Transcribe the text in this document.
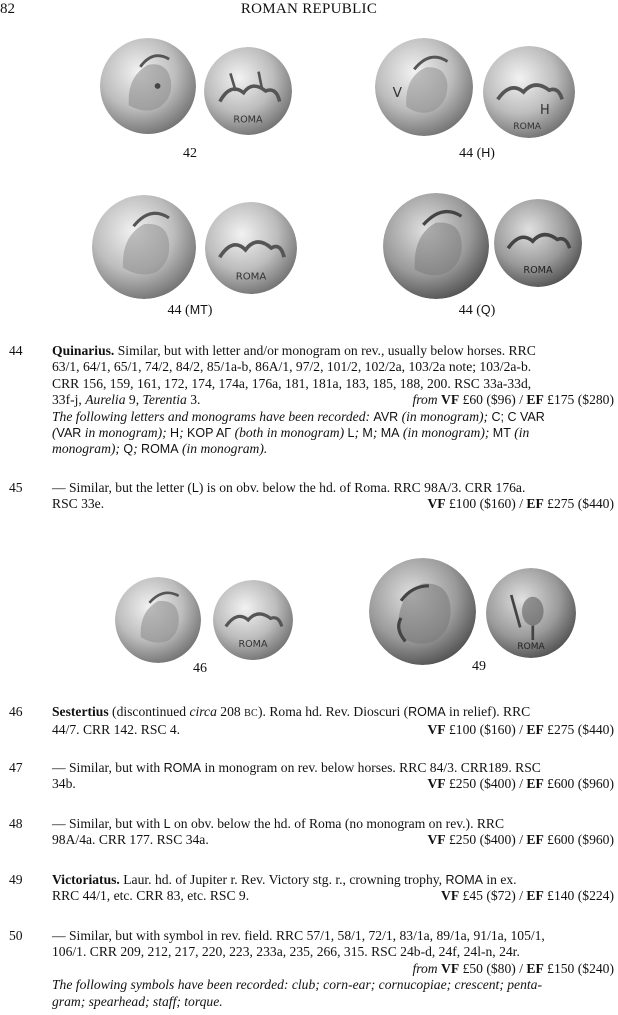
82	ROMAN REPUBLIC
ROMA
42
V
H
ROMA
44 (H)
ROMA
44 (MT)
ROMA
44 (Q)
44 Quinarius. Similar, but with letter and/or monogram on rev., usually below horses. RRC
63/1, 64/1, 65/1, 74/2, 84/2, 85/1a-b, 86A/1, 97/2, 101/2, 102/2a, 103/2a note; 103/2a-b.
CRR 156, 159, 161, 172, 174, 174a, 176a, 181, 181a, 183, 185, 188, 200. RSC 33a-33d,
33f-j, Aurelia 9, Terentia 3.	from VF £60 ($96) / EF £175 ($280)
The following letters and monograms have been recorded: AVR (in monogram); C; C VAR
(VAR in monogram); H; KOP AΓ (both in monogram) L; M; MA (in monogram); MT (in
monogram); Q; ROMA (in monogram).
45 — Similar, but the letter (L) is on obv. below the hd. of Roma. RRC 98A/3. CRR 176a.
RSC 33e.	VF £100 ($160) / EF £275 ($440)
ROMA
46
ROMA
49
46 Sestertius (discontinued circa 208 BC). Roma hd. Rev. Dioscuri (ROMA in relief). RRC
44/7. CRR 142. RSC 4.	VF £100 ($160) / EF £275 ($440)
47 — Similar, but with ROMA in monogram on rev. below horses. RRC 84/3. CRR189. RSC
34b.	VF £250 ($400) / EF £600 ($960)
48 — Similar, but with L on obv. below the hd. of Roma (no monogram on rev.). RRC
98A/4a. CRR 177. RSC 34a.	VF £250 ($400) / EF £600 ($960)
49 Victoriatus. Laur. hd. of Jupiter r. Rev. Victory stg. r., crowning trophy, ROMA in ex.
RRC 44/1, etc. CRR 83, etc. RSC 9.	VF £45 ($72) / EF £140 ($224)
50 — Similar, but with symbol in rev. field. RRC 57/1, 58/1, 72/1, 83/1a, 89/1a, 91/1a, 105/1,
106/1. CRR 209, 212, 217, 220, 223, 233a, 235, 266, 315. RSC 24b-d, 24f, 24l-n, 24r.
from VF £50 ($80) / EF £150 ($240)
The following symbols have been recorded: club; corn-ear; cornucopiae; crescent; penta-
gram; spearhead; staff; torque.
